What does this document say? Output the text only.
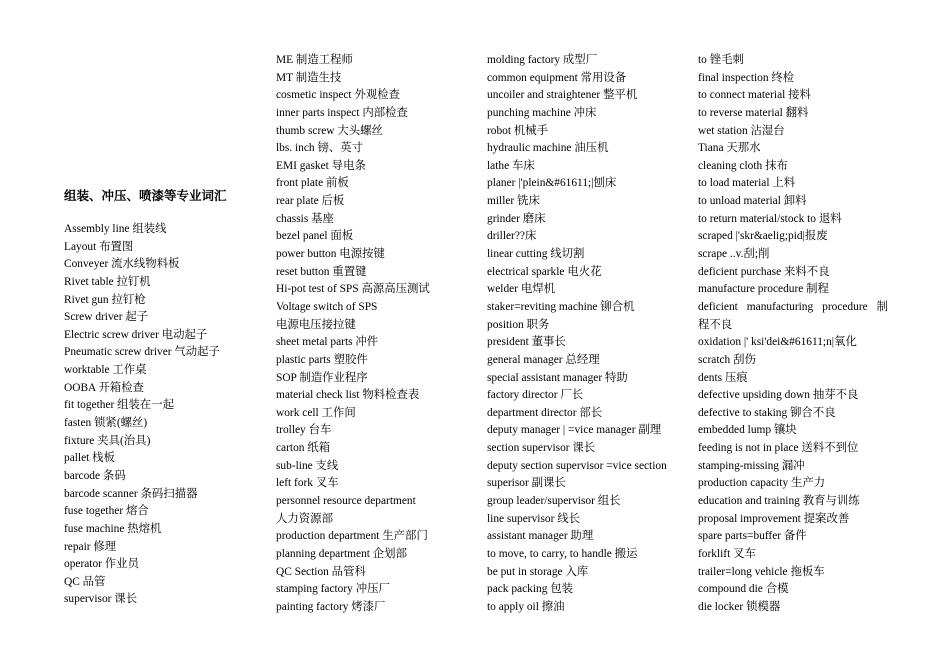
组装、冲压、喷漆等专业词汇
Assembly line 组装线
Layout 布置图
Conveyer 流水线物料板
Rivet table 拉钉机
Rivet gun 拉钉枪
Screw driver 起子
Electric screw driver 电动起子
Pneumatic screw driver 气动起子
worktable 工作桌
OOBA 开箱检查
fit together 组装在一起
fasten 锁紧(螺丝)
fixture 夹具(治具)
pallet 栈板
barcode 条码
barcode scanner 条码扫描器
fuse together 熔合
fuse machine 热熔机
repair 修理
operator 作业员
QC 品管
supervisor 课长
ME 制造工程师
MT 制造生技
cosmetic inspect 外观检查
inner parts inspect 内部检查
thumb screw 大头螺丝
lbs. inch 镑、英寸
EMI gasket 导电条
front plate 前板
rear plate 后板
chassis 基座
bezel panel 面板
power button 电源按键
reset button 重置键
Hi-pot test of SPS 高源高压测试
Voltage switch of SPS
电源电压接拉键
sheet metal parts 冲件
plastic parts 塑胶件
SOP 制造作业程序
material check list 物料检查表
work cell 工作间
trolley 台车
carton 纸箱
sub-line 支线
left fork 叉车
personnel resource department
人力资源部
production department 生产部门
planning department 企划部
QC Section 品管科
stamping factory 冲压厂
painting factory 烤漆厂
molding factory 成型厂
common equipment 常用设备
uncoiler and straightener 整平机
punching machine 冲床
robot 机械手
hydraulic machine 油压机
lathe 车床
planer |'plein&#61611;|刨床
miller 铣床
grinder 磨床
driller??床
linear cutting 线切割
electrical sparkle 电火花
welder 电焊机
staker=reviting machine 铆合机
position 职务
president 董事长
general manager 总经理
special assistant manager 特助
factory director 厂长
department director 部长
deputy manager | =vice manager 副理
section supervisor 课长
deputy section supervisor =vice section
superisor 副课长
group leader/supervisor 组长
line supervisor 线长
assistant manager 助理
to move, to carry, to handle 搬运
be put in storage 入库
pack packing 包装
to apply oil 擦油
to 锉毛刺
final inspection 终检
to connect material 接料
to reverse material 翻料
wet station 沾湿台
Tiana 天那水
cleaning cloth 抹布
to load material 上料
to unload material 卸料
to return material/stock to 退料
scraped |'skr&aelig;pid|报废
scrape ..v.刮;削
deficient purchase 来料不良
manufacture procedure 制程
deficient manufacturing procedure 制
程不良
oxidation |' ksi'dei&#61611;n|氧化
scratch 刮伤
dents 压痕
defective upsiding down 抽芽不良
defective to staking 铆合不良
embedded lump 镶块
feeding is not in place 送料不到位
stamping-missing 漏冲
production capacity 生产力
education and training 教育与训练
proposal improvement 提案改善
spare parts=buffer 备件
forklift 叉车
trailer=long vehicle 拖板车
compound die 合模
die locker 锁模器
